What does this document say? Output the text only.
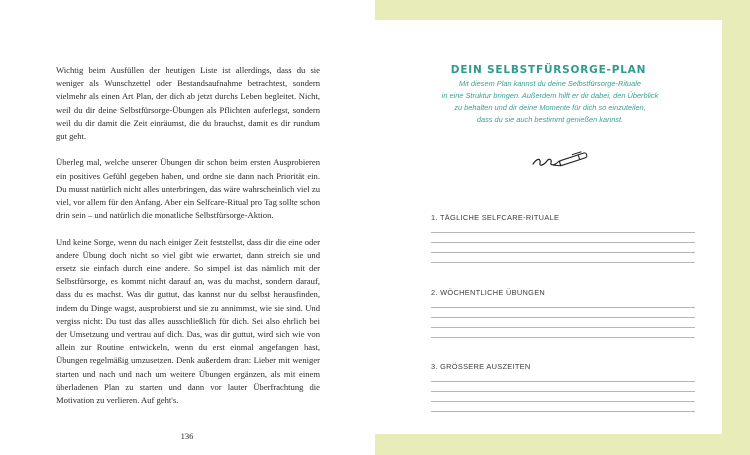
Wichtig beim Ausfüllen der heutigen Liste ist allerdings, dass du sie weniger als Wunschzettel oder Bestandsaufnahme betrachtest, sondern vielmehr als einen Art Plan, der dich ab jetzt durchs Leben begleitet. Nicht, weil du dir deine Selbstfürsorge-Übungen als Pflichten auferlegst, sondern weil du dir damit die Zeit einräumst, die du brauchst, damit es dir rundum gut geht.

Überleg mal, welche unserer Übungen dir schon beim ersten Ausprobieren ein positives Gefühl gegeben haben, und ordne sie dann nach Priorität ein. Du musst natürlich nicht alles unterbringen, das wäre wahrscheinlich viel zu viel, vor allem für den Anfang. Aber ein Selfcare-Ritual pro Tag sollte schon drin sein – und natürlich die monatliche Selbstfürsorge-Aktion.

Und keine Sorge, wenn du nach einiger Zeit feststellst, dass dir die eine oder andere Übung doch nicht so viel gibt wie erwartet, dann streich sie und ersetz sie einfach durch eine andere. So simpel ist das nämlich mit der Selbstfürsorge, es kommt nicht darauf an, was du machst, sondern darauf, dass du es machst. Was dir guttut, das kannst nur du selbst herausfinden, indem du Dinge wagst, ausprobierst und sie zu annimmst, wie sie sind. Und vergiss nicht: Du tust das alles ausschließlich für dich. Sei also ehrlich bei der Umsetzung und vertrau auf dich. Das, was dir guttut, wird sich wie von allein zur Routine entwickeln, wenn du erst einmal angefangen hast, Übungen regelmäßig umzusetzen. Denk außerdem dran: Lieber mit weniger starten und nach und nach um weitere Übungen ergänzen, als mit einem überladenen Plan zu starten und dann vor lauter Überfrachtung die Motivation zu verlieren. Auf geht's.

136
DEIN SELBSTFÜRSORGE-PLAN
Mit diesem Plan kannst du deine Selbstfürsorge-Rituale
in eine Struktur bringen. Außerdem hilft er dir dabei, den Überblick
zu behalten und dir deine Momente für dich so einzuteilen,
dass du sie auch bestimmt genießen kannst.
1. TÄGLICHE SELFCARE-RITUALE
2. WÖCHENTLICHE ÜBUNGEN
3. GRÖSSERE AUSZEITEN
